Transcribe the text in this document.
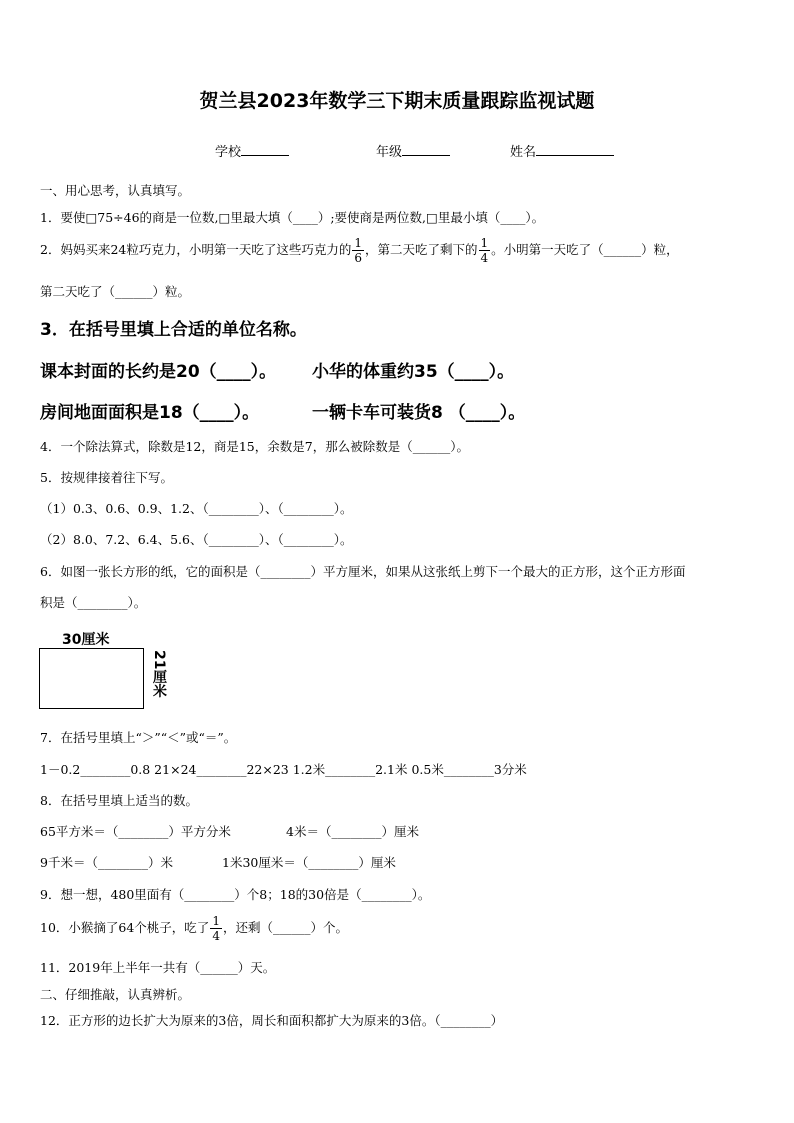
贺兰县2023年数学三下期末质量跟踪监视试题
学校	年级	姓名
一、用心思考，认真填写。
1．要使□75÷46的商是一位数,□里最大填（____）;要使商是两位数,□里最小填（____）。
2．妈妈买来24粒巧克力，小明第一天吃了这些巧克力的 $\frac{1}{6}$ ，第二天吃了剩下的 $\frac{1}{4}$ 。小明第一天吃了（______）粒，
第二天吃了（______）粒。
3．在括号里填上合适的单位名称。
课本封面的长约是20（____）。 小华的体重约35（____）。
房间地面面积是18（____）。	一辆卡车可装货8 （____）。
4．一个除法算式，除数是12，商是15，余数是7，那么被除数是（______）。
5．按规律接着往下写。
（1）0.3、0.6、0.9、1.2、（________）、（________）。
（2）8.0、7.2、6.4、5.6、（________）、（________）。
6．如图一张长方形的纸，它的面积是（________）平方厘米，如果从这张纸上剪下一个最大的正方形，这个正方形面
积是（________）。
30厘米
21厘米
7．在括号里填上“＞”“＜”或“＝”。
1－0.2________0.8 21×24________22×23 1.2米________2.1米 0.5米________3分米
8．在括号里填上适当的数。
65平方米＝（________）平方分米	4米＝（________）厘米
9千米＝（________）米	1米30厘米＝（________）厘米
9．想一想，480里面有（________）个8；18的30倍是（________）。
10．小猴摘了64个桃子，吃了 $\frac{1}{4}$ ，还剩（______）个。
11．2019年上半年一共有（______）天。
二、仔细推敲，认真辨析。
12．正方形的边长扩大为原来的3倍，周长和面积都扩大为原来的3倍。（________）
